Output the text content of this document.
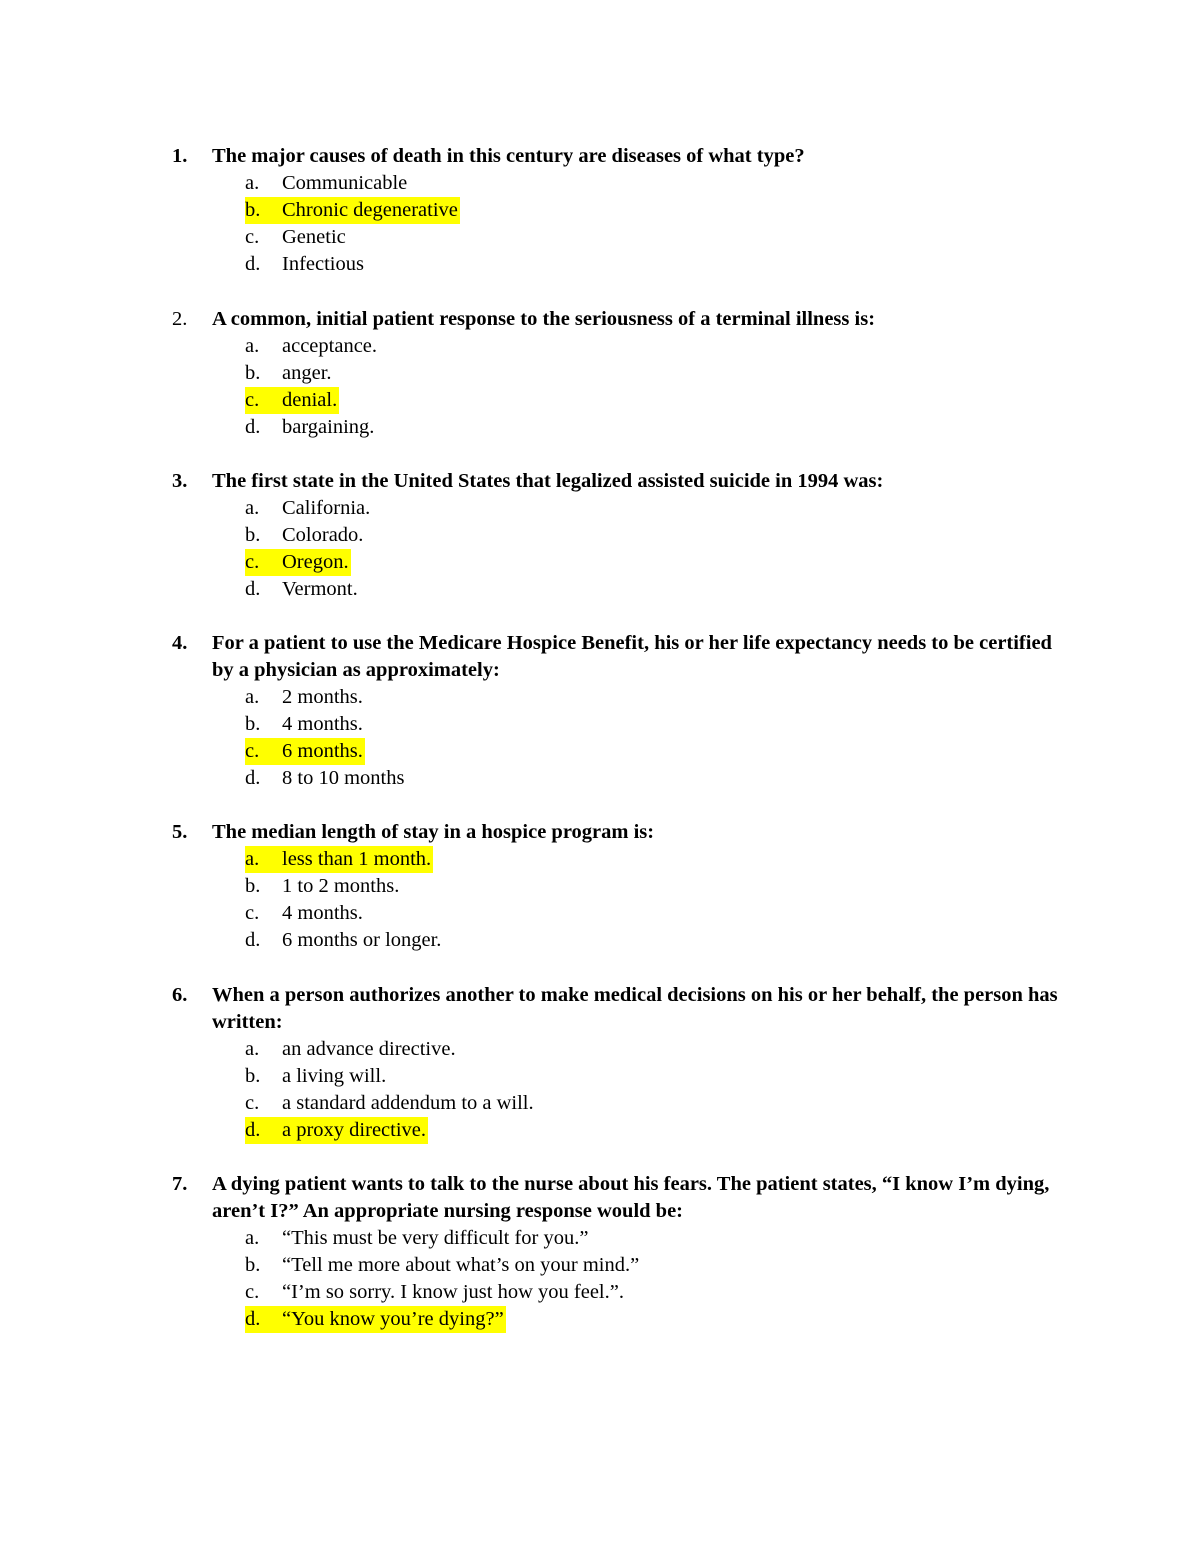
1. The major causes of death in this century are diseases of what type?
a. Communicable
b. Chronic degenerative
c. Genetic
d. Infectious
2. A common, initial patient response to the seriousness of a terminal illness is:
a. acceptance.
b. anger.
c. denial.
d. bargaining.
3. The first state in the United States that legalized assisted suicide in 1994 was:
a. California.
b. Colorado.
c. Oregon.
d. Vermont.
4. For a patient to use the Medicare Hospice Benefit, his or her life expectancy needs to be certified by a physician as approximately:
a. 2 months.
b. 4 months.
c. 6 months.
d. 8 to 10 months
5. The median length of stay in a hospice program is:
a. less than 1 month.
b. 1 to 2 months.
c. 4 months.
d. 6 months or longer.
6. When a person authorizes another to make medical decisions on his or her behalf, the person has written:
a. an advance directive.
b. a living will.
c. a standard addendum to a will.
d. a proxy directive.
7. A dying patient wants to talk to the nurse about his fears. The patient states, “I know I’m dying, aren’t I?” An appropriate nursing response would be:
a. “This must be very difficult for you.”
b. “Tell me more about what’s on your mind.”
c. “I’m so sorry. I know just how you feel.”.
d. “You know you’re dying?”
